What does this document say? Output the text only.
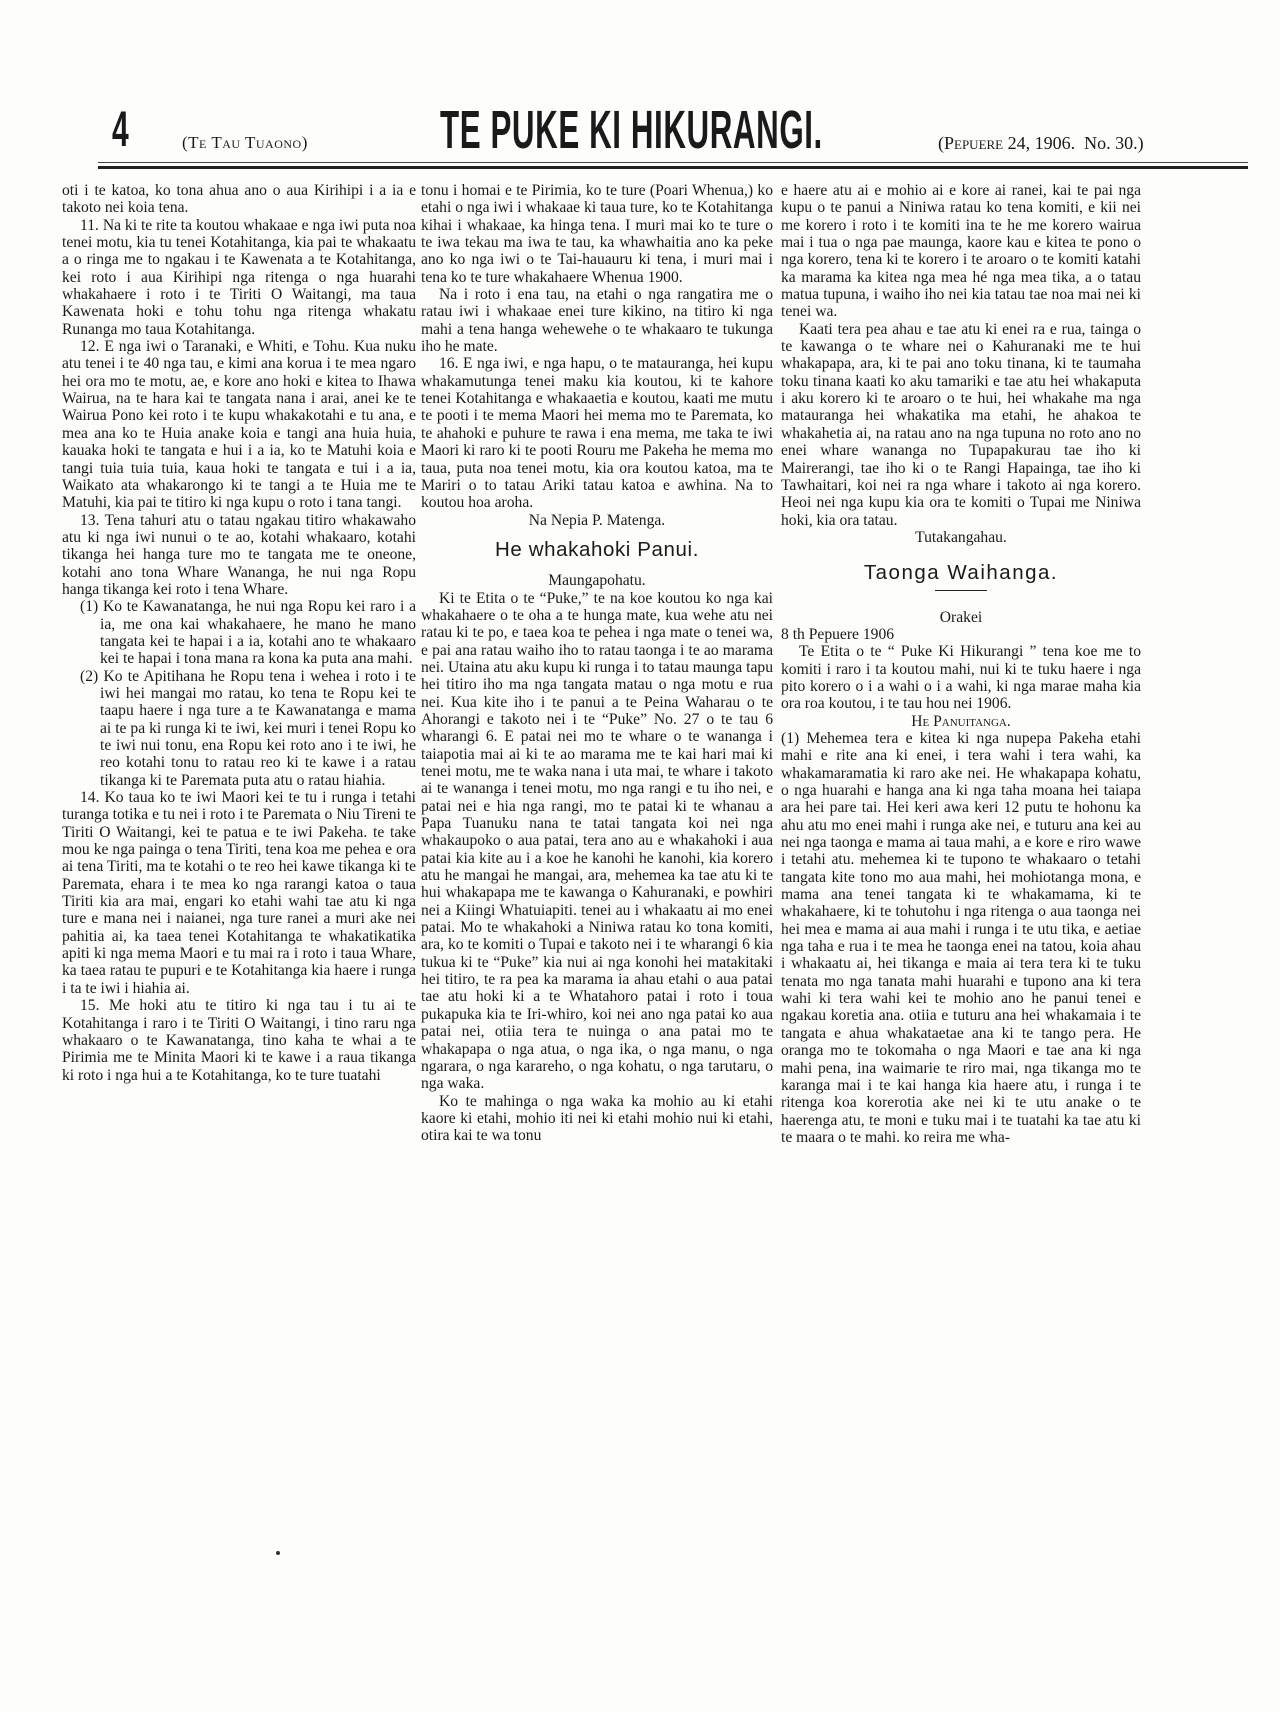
4	(Te Tau Tuaono) TE PUKE KI HIKURANGI.	(Pepuere 24, 1906. No. 30.)

oti i te katoa, ko tona ahua ano o aua Kirihipi i a ia e takoto nei koia tena.

11. Na ki te rite ta koutou whakaae e nga iwi puta noa tenei motu, kia tu tenei Kotahitanga, kia pai te whakaatu a o ringa me to ngakau i te Kawenata a te Kotahitanga, kei roto i aua Kirihipi nga ritenga o nga huarahi whakahaere i roto i te Tiriti O Waitangi, ma taua Kawenata hoki e tohu tohu nga ritenga whakatu Runanga mo taua Kotahitanga.

12. E nga iwi o Taranaki, e Whiti, e Tohu. Kua nuku atu tenei i te 40 nga tau, e kimi ana korua i te mea ngaro hei ora mo te motu, ae, e kore ano hoki e kitea to Ihawa Wairua, na te hara kai te tangata nana i arai, anei ke te Wairua Pono kei roto i te kupu whakakotahi e tu ana, e mea ana ko te Huia anake koia e tangi ana huia huia, kauaka hoki te tangata e hui i a ia, ko te Matuhi koia e tangi tuia tuia tuia, kaua hoki te tangata e tui i a ia, Waikato ata whakarongo ki te tangi a te Huia me te Matuhi, kia pai te titiro ki nga kupu o roto i tana tangi.

13. Tena tahuri atu o tatau ngakau titiro whakawaho atu ki nga iwi nunui o te ao, kotahi whakaaro, kotahi tikanga hei hanga ture mo te tangata me te oneone, kotahi ano tona Whare Wananga, he nui nga Ropu hanga tikanga kei roto i tena Whare.

(1) Ko te Kawanatanga, he nui nga Ropu kei raro i a ia, me ona kai whakahaere, he mano he mano tangata kei te hapai i a ia, kotahi ano te whakaaro kei te hapai i tona mana ra kona ka puta ana mahi.

(2) Ko te Apitihana he Ropu tena i wehea i roto i te iwi hei mangai mo ratau, ko tena te Ropu kei te taapu haere i nga ture a te Kawanatanga e mama ai te pa ki runga ki te iwi, kei muri i tenei Ropu ko te iwi nui tonu, ena Ropu kei roto ano i te iwi, he reo kotahi tonu to ratau reo ki te kawe i a ratau tikanga ki te Paremata puta atu o ratau hiahia.

14. Ko taua ko te iwi Maori kei te tu i runga i tetahi turanga totika e tu nei i roto i te Paremata o Niu Tireni te Tiriti O Waitangi, kei te patua e te iwi Pakeha. te take mou ke nga painga o tena Tiriti, tena koa me pehea e ora ai tena Tiriti, ma te kotahi o te reo hei kawe tikanga ki te Paremata, ehara i te mea ko nga rarangi katoa o taua Tiriti kia ara mai, engari ko etahi wahi tae atu ki nga ture e mana nei i naianei, nga ture ranei a muri ake nei pahitia ai, ka taea tenei Kotahitanga te whakatikatika apiti ki nga mema Maori e tu mai ra i roto i taua Whare, ka taea ratau te pupuri e te Kotahitanga kia haere i runga i ta te iwi i hiahia ai.

15. Me hoki atu te titiro ki nga tau i tu ai te Kotahitanga i raro i te Tiriti O Waitangi, i tino raru nga whakaaro o te Kawanatanga, tino kaha te whai a te Pirimia me te Minita Maori ki te kawe i a raua tikanga ki roto i nga hui a te Kotahitanga, ko te ture tuatahi

tonu i homai e te Pirimia, ko te ture (Poari Whenua,) ko etahi o nga iwi i whakaae ki taua ture, ko te Kotahitanga kihai i whakaae, ka hinga tena. I muri mai ko te ture o te iwa tekau ma iwa te tau, ka whawhaitia ano ka peke ano ko nga iwi o te Tai-hauauru ki tena, i muri mai i tena ko te ture whakahaere Whenua 1900.

Na i roto i ena tau, na etahi o nga rangatira me o ratau iwi i whakaae enei ture kikino, na titiro ki nga mahi a tena hanga wehewehe o te whakaaro te tukunga iho he mate.

16. E nga iwi, e nga hapu, o te matauranga, hei kupu whakamutunga tenei maku kia koutou, ki te kahore tenei Kotahitanga e whakaaetia e koutou, kaati me mutu te pooti i te mema Maori hei mema mo te Paremata, ko te ahahoki e puhure te rawa i ena mema, me taka te iwi Maori ki raro ki te pooti Rouru me Pakeha he mema mo taua, puta noa tenei motu, kia ora koutou katoa, ma te Mariri o to tatau Ariki tatau katoa e awhina. Na to koutou hoa aroha.

Na Nepia P. Matenga.

He whakahoki Panui.

Maungapohatu.

Ki te Etita o te “Puke,” te na koe koutou ko nga kai whakahaere o te oha a te hunga mate, kua wehe atu nei ratau ki te po, e taea koa te pehea i nga mate o tenei wa, e pai ana ratau waiho iho to ratau taonga i te ao marama nei. Utaina atu aku kupu ki runga i to tatau maunga tapu hei titiro iho ma nga tangata matau o nga motu e rua nei. Kua kite iho i te panui a te Peina Waharau o te Ahorangi e takoto nei i te “Puke” No. 27 o te tau 6 wharangi 6. E patai nei mo te whare o te wananga i taiapotia mai ai ki te ao marama me te kai hari mai ki tenei motu, me te waka nana i uta mai, te whare i takoto ai te wananga i tenei motu, mo nga rangi e tu iho nei, e patai nei e hia nga rangi, mo te patai ki te whanau a Papa Tuanuku nana te tatai tangata koi nei nga whakaupoko o aua patai, tera ano au e whakahoki i aua patai kia kite au i a koe he kanohi he kanohi, kia korero atu he mangai he mangai, ara, mehemea ka tae atu ki te hui whakapapa me te kawanga o Kahuranaki, e powhiri nei a Kiingi Whatuiapiti. tenei au i whakaatu ai mo enei patai. Mo te whakahoki a Niniwa ratau ko tona komiti, ara, ko te komiti o Tupai e takoto nei i te wharangi 6 kia tukua ki te “Puke” kia nui ai nga konohi hei matakitaki hei titiro, te ra pea ka marama ia ahau etahi o aua patai tae atu hoki ki a te Whatahoro patai i roto i toua pukapuka kia te Iri-whiro, koi nei ano nga patai ko aua patai nei, otiia tera te nuinga o ana patai mo te whakapapa o nga atua, o nga ika, o nga manu, o nga ngarara, o nga karareho, o nga kohatu, o nga tarutaru, o nga waka.

Ko te mahinga o nga waka ka mohio au ki etahi kaore ki etahi, mohio iti nei ki etahi mohio nui ki etahi, otira kai te wa tonu

e haere atu ai e mohio ai e kore ai ranei, kai te pai nga kupu o te panui a Niniwa ratau ko tena komiti, e kii nei me korero i roto i te komiti ina te he me korero wairua mai i tua o nga pae maunga, kaore kau e kitea te pono o nga korero, tena ki te korero i te aroaro o te komiti katahi ka marama ka kitea nga mea hé nga mea tika, a o tatau matua tupuna, i waiho iho nei kia tatau tae noa mai nei ki tenei wa.

Kaati tera pea ahau e tae atu ki enei ra e rua, tainga o te kawanga o te whare nei o Kahuranaki me te hui whakapapa, ara, ki te pai ano toku tinana, ki te taumaha toku tinana kaati ko aku tamariki e tae atu hei whakaputa i aku korero ki te aroaro o te hui, hei whakahe ma nga matauranga hei whakatika ma etahi, he ahakoa te whakahetia ai, na ratau ano na nga tupuna no roto ano no enei whare wananga no Tupapakurau tae iho ki Mairerangi, tae iho ki o te Rangi Hapainga, tae iho ki Tawhaitari, koi nei ra nga whare i takoto ai nga korero. Heoi nei nga kupu kia ora te komiti o Tupai me Niniwa hoki, kia ora tatau.

Tutakangahau.

Taonga Waihanga.

Orakei

8 th Pepuere 1906

Te Etita o te “ Puke Ki Hikurangi ” tena koe me to komiti i raro i ta koutou mahi, nui ki te tuku haere i nga pito korero o i a wahi o i a wahi, ki nga marae maha kia ora roa koutou, i te tau hou nei 1906.

He Panuitanga.

(1) Mehemea tera e kitea ki nga nupepa Pakeha etahi mahi e rite ana ki enei, i tera wahi i tera wahi, ka whakamaramatia ki raro ake nei. He whakapapa kohatu, o nga huarahi e hanga ana ki nga taha moana hei taiapa ara hei pare tai. Hei keri awa keri 12 putu te hohonu ka ahu atu mo enei mahi i runga ake nei, e tuturu ana kei au nei nga taonga e mama ai taua mahi, a e kore e riro wawe i tetahi atu. mehemea ki te tupono te whakaaro o tetahi tangata kite tono mo aua mahi, hei mohiotanga mona, e mama ana tenei tangata ki te whakamama, ki te whakahaere, ki te tohutohu i nga ritenga o aua taonga nei hei mea e mama ai aua mahi i runga i te utu tika, e aetiae nga taha e rua i te mea he taonga enei na tatou, koia ahau i whakaatu ai, hei tikanga e maia ai tera tera ki te tuku tenata mo nga tanata mahi huarahi e tupono ana ki tera wahi ki tera wahi kei te mohio ano he panui tenei e ngakau koretia ana. otiia e tuturu ana hei whakamaia i te tangata e ahua whakataetae ana ki te tango pera. He oranga mo te tokomaha o nga Maori e tae ana ki nga mahi pena, ina waimarie te riro mai, nga tikanga mo te karanga mai i te kai hanga kia haere atu, i runga i te ritenga koa korerotia ake nei ki te utu anake o te haerenga atu, te moni e tuku mai i te tuatahi ka tae atu ki te maara o te mahi. ko reira me wha-
